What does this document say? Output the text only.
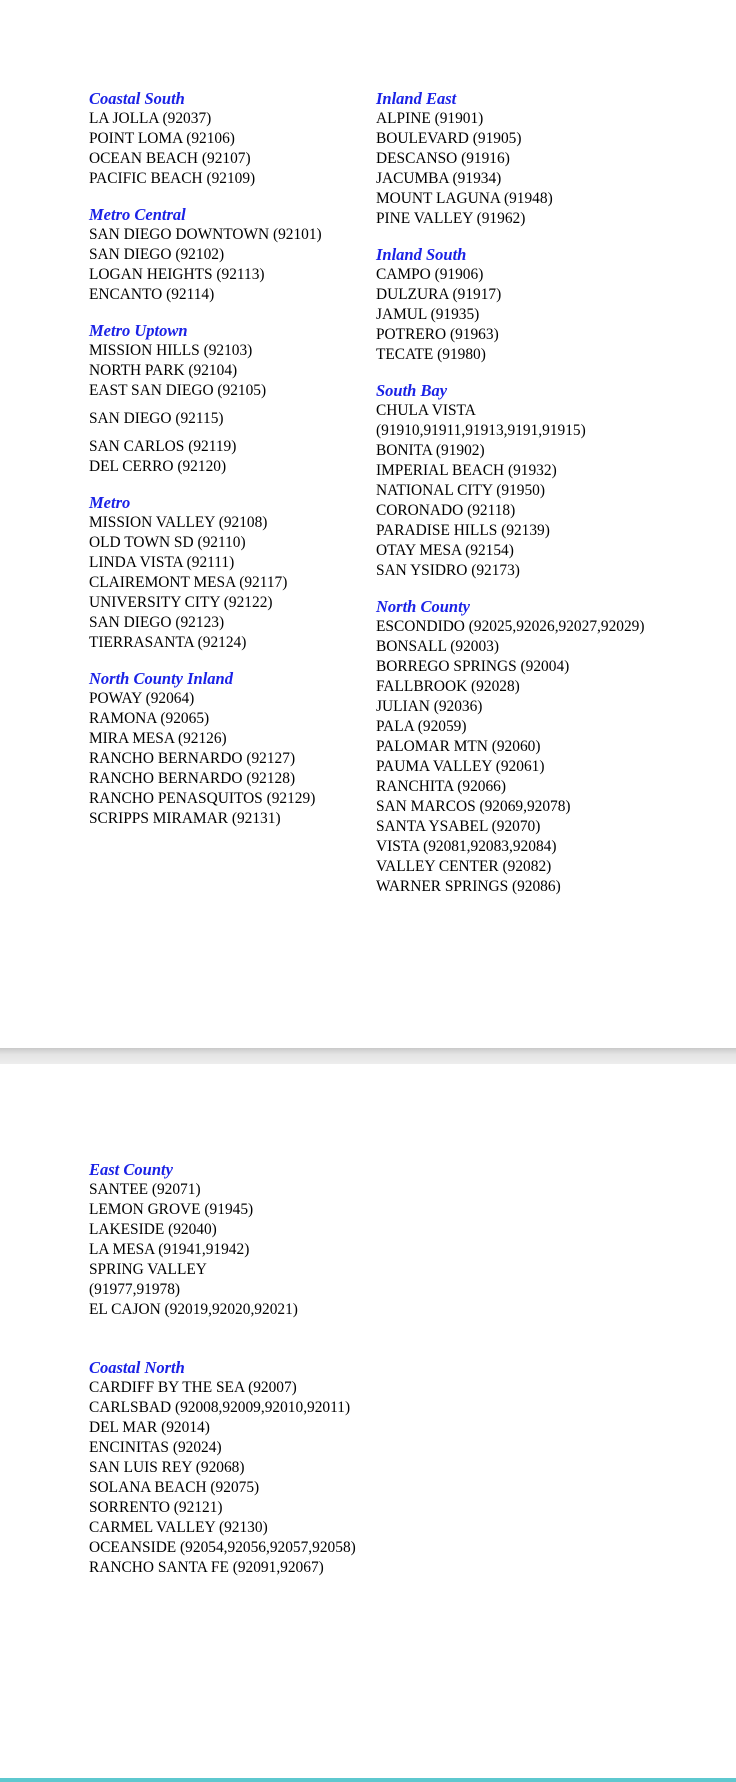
Coastal South
LA JOLLA (92037)
POINT LOMA (92106)
OCEAN BEACH (92107)
PACIFIC BEACH (92109)
Metro Central
SAN DIEGO DOWNTOWN (92101)
SAN DIEGO (92102)
LOGAN HEIGHTS (92113)
ENCANTO (92114)
Metro Uptown
MISSION HILLS (92103)
NORTH PARK (92104)
EAST SAN DIEGO (92105)
SAN DIEGO (92115)
SAN CARLOS (92119)
DEL CERRO (92120)
Metro
MISSION VALLEY (92108)
OLD TOWN SD (92110)
LINDA VISTA (92111)
CLAIREMONT MESA (92117)
UNIVERSITY CITY (92122)
SAN DIEGO (92123)
TIERRASANTA (92124)
North County Inland
POWAY (92064)
RAMONA (92065)
MIRA MESA (92126)
RANCHO BERNARDO (92127)
RANCHO BERNARDO (92128)
RANCHO PENASQUITOS (92129)
SCRIPPS MIRAMAR (92131)
Inland East
ALPINE (91901)
BOULEVARD (91905)
DESCANSO (91916)
JACUMBA (91934)
MOUNT LAGUNA (91948)
PINE VALLEY (91962)
Inland South
CAMPO (91906)
DULZURA (91917)
JAMUL (91935)
POTRERO (91963)
TECATE (91980)
South Bay
CHULA VISTA
(91910,91911,91913,9191,91915)
BONITA (91902)
IMPERIAL BEACH (91932)
NATIONAL CITY (91950)
CORONADO (92118)
PARADISE HILLS (92139)
OTAY MESA (92154)
SAN YSIDRO (92173)
North County
ESCONDIDO (92025,92026,92027,92029)
BONSALL (92003)
BORREGO SPRINGS (92004)
FALLBROOK (92028)
JULIAN (92036)
PALA (92059)
PALOMAR MTN (92060)
PAUMA VALLEY (92061)
RANCHITA (92066)
SAN MARCOS (92069,92078)
SANTA YSABEL (92070)
VISTA (92081,92083,92084)
VALLEY CENTER (92082)
WARNER SPRINGS (92086)
East County
SANTEE (92071)
LEMON GROVE (91945)
LAKESIDE (92040)
LA MESA (91941,91942)
SPRING VALLEY
(91977,91978)
EL CAJON (92019,92020,92021)
Coastal North
CARDIFF BY THE SEA (92007)
CARLSBAD (92008,92009,92010,92011)
DEL MAR (92014)
ENCINITAS (92024)
SAN LUIS REY (92068)
SOLANA BEACH (92075)
SORRENTO (92121)
CARMEL VALLEY (92130)
OCEANSIDE (92054,92056,92057,92058)
RANCHO SANTA FE (92091,92067)
